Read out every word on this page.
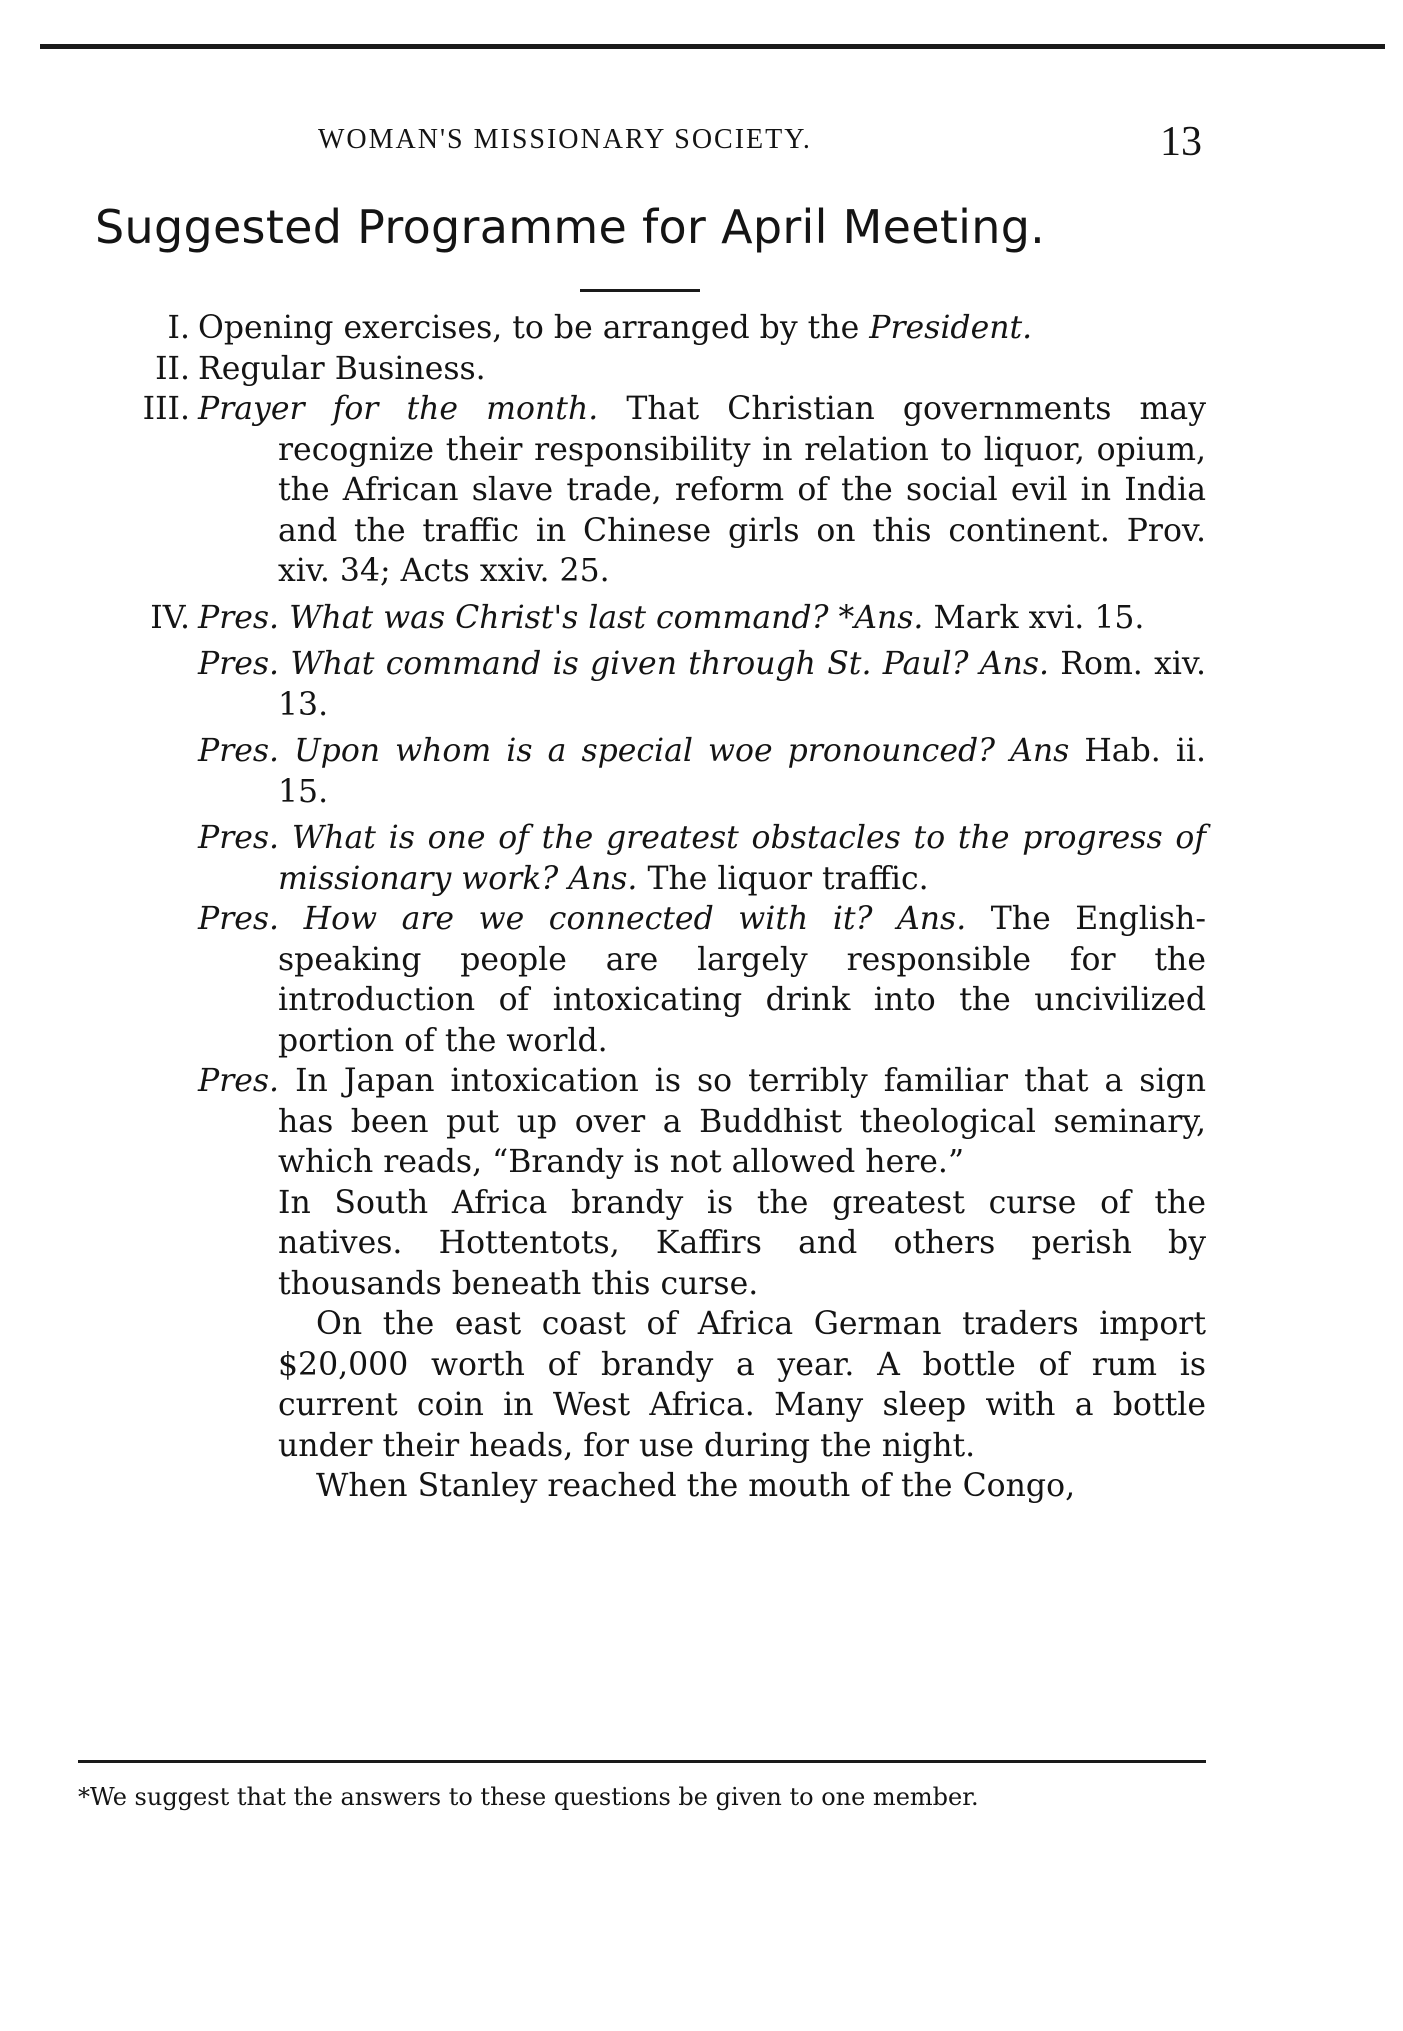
WOMAN'S MISSIONARY SOCIETY.	13
Suggested Programme for April Meeting.
I. Opening exercises, to be arranged by the President.
II. Regular Business.
III. Prayer for the month. That Christian governments may recognize their responsibility in relation to liquor, opium, the African slave trade, reform of the social evil in India and the traffic in Chinese girls on this continent. Prov. xiv. 34; Acts xxiv. 25.
IV. Pres. What was Christ's last command? *Ans. Mark xvi. 15.
Pres. What command is given through St. Paul? Ans. Rom. xiv. 13.
Pres. Upon whom is a special woe pronounced? Ans Hab. ii. 15.
Pres. What is one of the greatest obstacles to the progress of missionary work? Ans. The liquor traffic.
Pres. How are we connected with it? Ans. The English-speaking people are largely responsible for the introduction of intoxicating drink into the uncivilized portion of the world.
Pres. In Japan intoxication is so terribly familiar that a sign has been put up over a Buddhist theological seminary, which reads, “Brandy is not allowed here.”
In South Africa brandy is the greatest curse of the natives. Hottentots, Kaffirs and others perish by thousands beneath this curse.
On the east coast of Africa German traders import $20,000 worth of brandy a year. A bottle of rum is current coin in West Africa. Many sleep with a bottle under their heads, for use during the night.
When Stanley reached the mouth of the Congo,
*We suggest that the answers to these questions be given to one member.
